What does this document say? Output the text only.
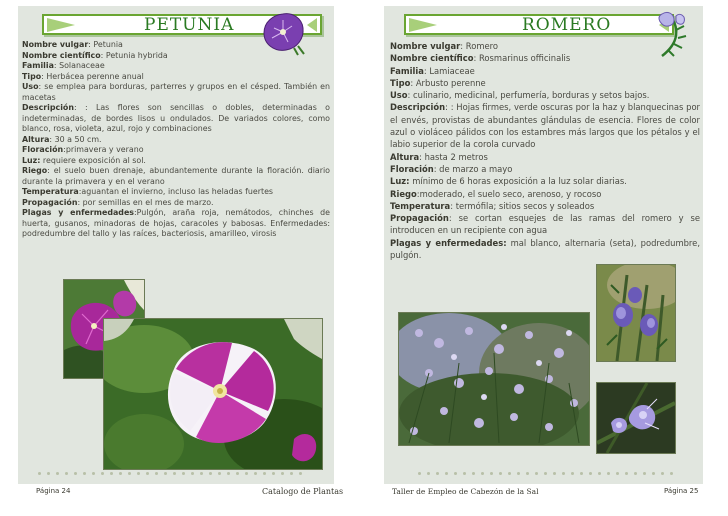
PETUNIA

Nombre vulgar: Petunia

Nombre científico: Petunia hybrida

Familia: Solanaceae

Tipo: Herbácea perenne anual

Uso: se emplea para borduras, parterres y grupos en el césped. También en macetas

Descripción: : Las flores son sencillas o dobles, determinadas o indeterminadas, de bordes lisos u ondulados. De variados colores, como blanco, rosa, violeta, azul, rojo y combinaciones

Altura: 30 a 50 cm.

Floración:primavera y verano

Luz: requiere exposición al sol.

Riego: el suelo buen drenaje, abundantemente durante la floración. diario durante la primavera y en el verano

Temperatura:aguantan el invierno, incluso las heladas fuertes

Propagación: por semillas en el mes de marzo.

Plagas y enfermedades:Pulgón, araña roja, nemátodos, chinches de huerta, gusanos, minadoras de hojas, caracoles y babosas. Enfermedades: podredumbre del tallo y las raíces, bacteriosis, amarilleo, virosis

Página 24	Catalogo de Plantas
ROMERO

Nombre vulgar: Romero

Nombre científico: Rosmarinus officinalis

Familia: Lamiaceae

Tipo: Arbusto perenne

Uso: culinario, medicinal, perfumería, borduras y setos bajos.

Descripción: : Hojas firmes, verde oscuras por la haz y blanquecinas por el envés, provistas de abundantes glándulas de esencia. Flores de color azul o violáceo pálidos con los estambres más largos que los pétalos y el labio superior de la corola curvado

Altura: hasta 2 metros

Floración: de marzo a mayo

Luz: mínimo de 6 horas exposición a la luz solar diarias.

Riego:moderado, el suelo seco, arenoso, y rocoso

Temperatura: termófila; sitios secos y soleados

Propagación: se cortan esquejes de las ramas del romero y se introducen en un recipiente con agua

Plagas y enfermedades: mal blanco, alternaria (seta), podredumbre, pulgón.

Taller de Empleo de Cabezón de la Sal	Página 25
